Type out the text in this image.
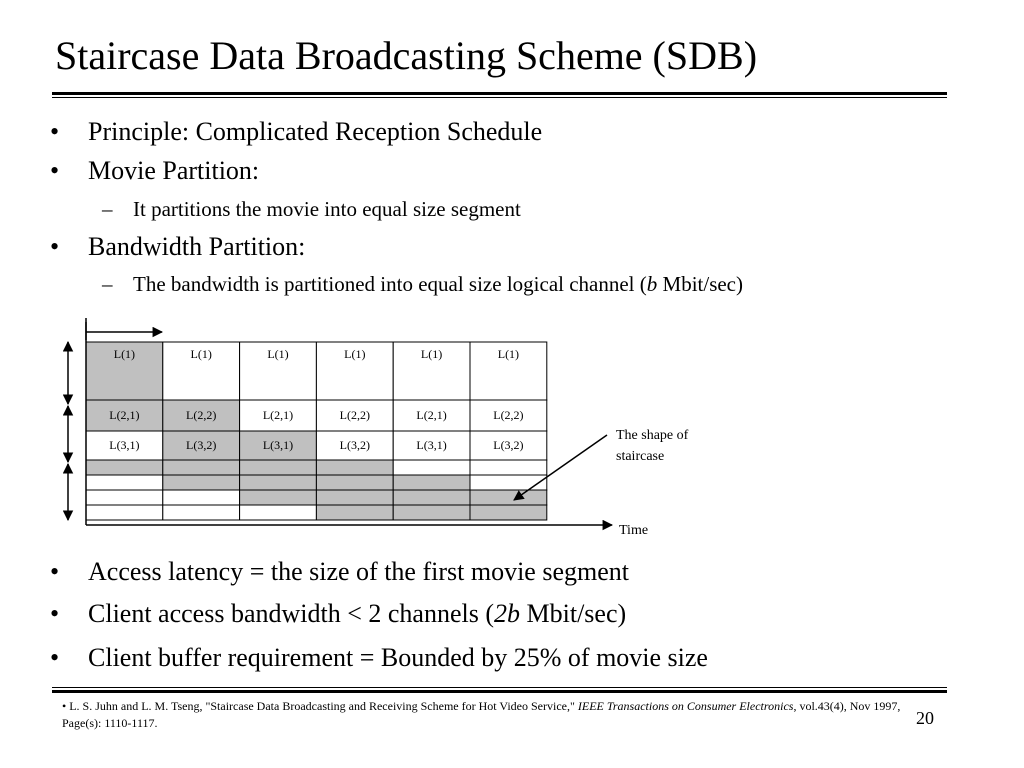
Staircase Data Broadcasting Scheme (SDB)
• Principle: Complicated Reception Schedule
• Movie Partition:
– It partitions the movie into equal size segment
• Bandwidth Partition:
– The bandwidth is partitioned into equal size logical channel (b Mbit/sec)
L(1)	L(1)	L(1)	L(1)	L(1)	L(1)
L(2,1)	L(2,2)	L(2,1)	L(2,2)	L(2,1)	L(2,2)
L(3,1)	L(3,2)	L(3,1)	L(3,2)	L(3,1)	L(3,2)
Time
The shape of
staircase
• Access latency = the size of the first movie segment
• Client access bandwidth < 2 channels (2b Mbit/sec)
• Client buffer requirement = Bounded by 25% of movie size
• L. S. Juhn and L. M. Tseng, "Staircase Data Broadcasting and Receiving Scheme for Hot Video Service," IEEE Transactions on Consumer Electronics, vol.43(4), Nov 1997, Page(s): 1110-1117.	20
